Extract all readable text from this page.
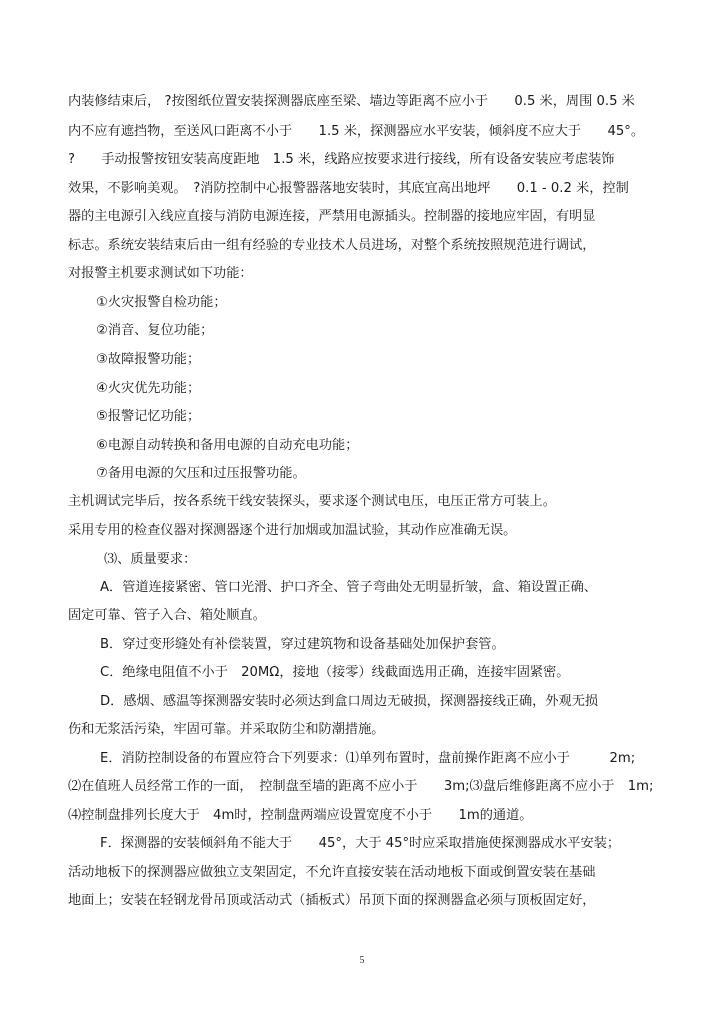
内装修结束后， ?按图纸位置安装探测器底座至梁、墙边等距离不应小于　　0.5 米，周围 0.5 米
内不应有遮挡物，至送风口距离不小于　　1.5 米，探测器应水平安装，倾斜度不应大于　　45°。
?　　手动报警按钮安装高度距地　1.5 米，线路应按要求进行接线，所有设备安装应考虑装饰
效果，不影响美观。　?消防控制中心报警器落地安装时，其底宜高出地坪　　0.1 - 0.2 米，控制
器的主电源引入线应直接与消防电源连接，严禁用电源插头。控制器的接地应牢固，有明显
标志。系统安装结束后由一组有经验的专业技术人员进场，对整个系统按照规范进行调试，
对报警主机要求测试如下功能：
①火灾报警自检功能；
②消音、复位功能；
③故障报警功能；
④火灾优先功能；
⑤报警记忆功能；
⑥电源自动转换和备用电源的自动充电功能；
⑦备用电源的欠压和过压报警功能。
主机调试完毕后，按各系统干线安装探头，要求逐个测试电压，电压正常方可装上。
采用专用的检查仪器对探测器逐个进行加烟或加温试验，其动作应准确无误。
⑶、质量要求：
A．管道连接紧密、管口光滑、护口齐全、管子弯曲处无明显折皱，盒、箱设置正确、
固定可靠、管子入合、箱处顺直。
B．穿过变形缝处有补偿装置，穿过建筑物和设备基础处加保护套管。
C．绝缘电阻值不小于　20MΩ，接地（接零）线截面选用正确，连接牢固紧密。
D．感烟、感温等探测器安装时必须达到盒口周边无破损，探测器接线正确，外观无损
伤和无浆活污染，牢固可靠。并采取防尘和防潮措施。
E．消防控制设备的布置应符合下列要求：⑴单列布置时，盘前操作距离不应小于　　　2m;
⑵在值班人员经常工作的一面，　控制盘至墙的距离不应小于　　3m;⑶盘后维修距离不应小于　1m;
⑷控制盘排列长度大于　4m时，控制盘两端应设置宽度不小于　　1m的通道。
F．探测器的安装倾斜角不能大于　　45°，大于 45°时应采取措施使探测器成水平安装；
活动地板下的探测器应做独立支架固定，不允许直接安装在活动地板下面或倒置安装在基础
地面上；安装在轻钢龙骨吊顶或活动式（插板式）吊顶下面的探测器盒必须与顶板固定好，
5
